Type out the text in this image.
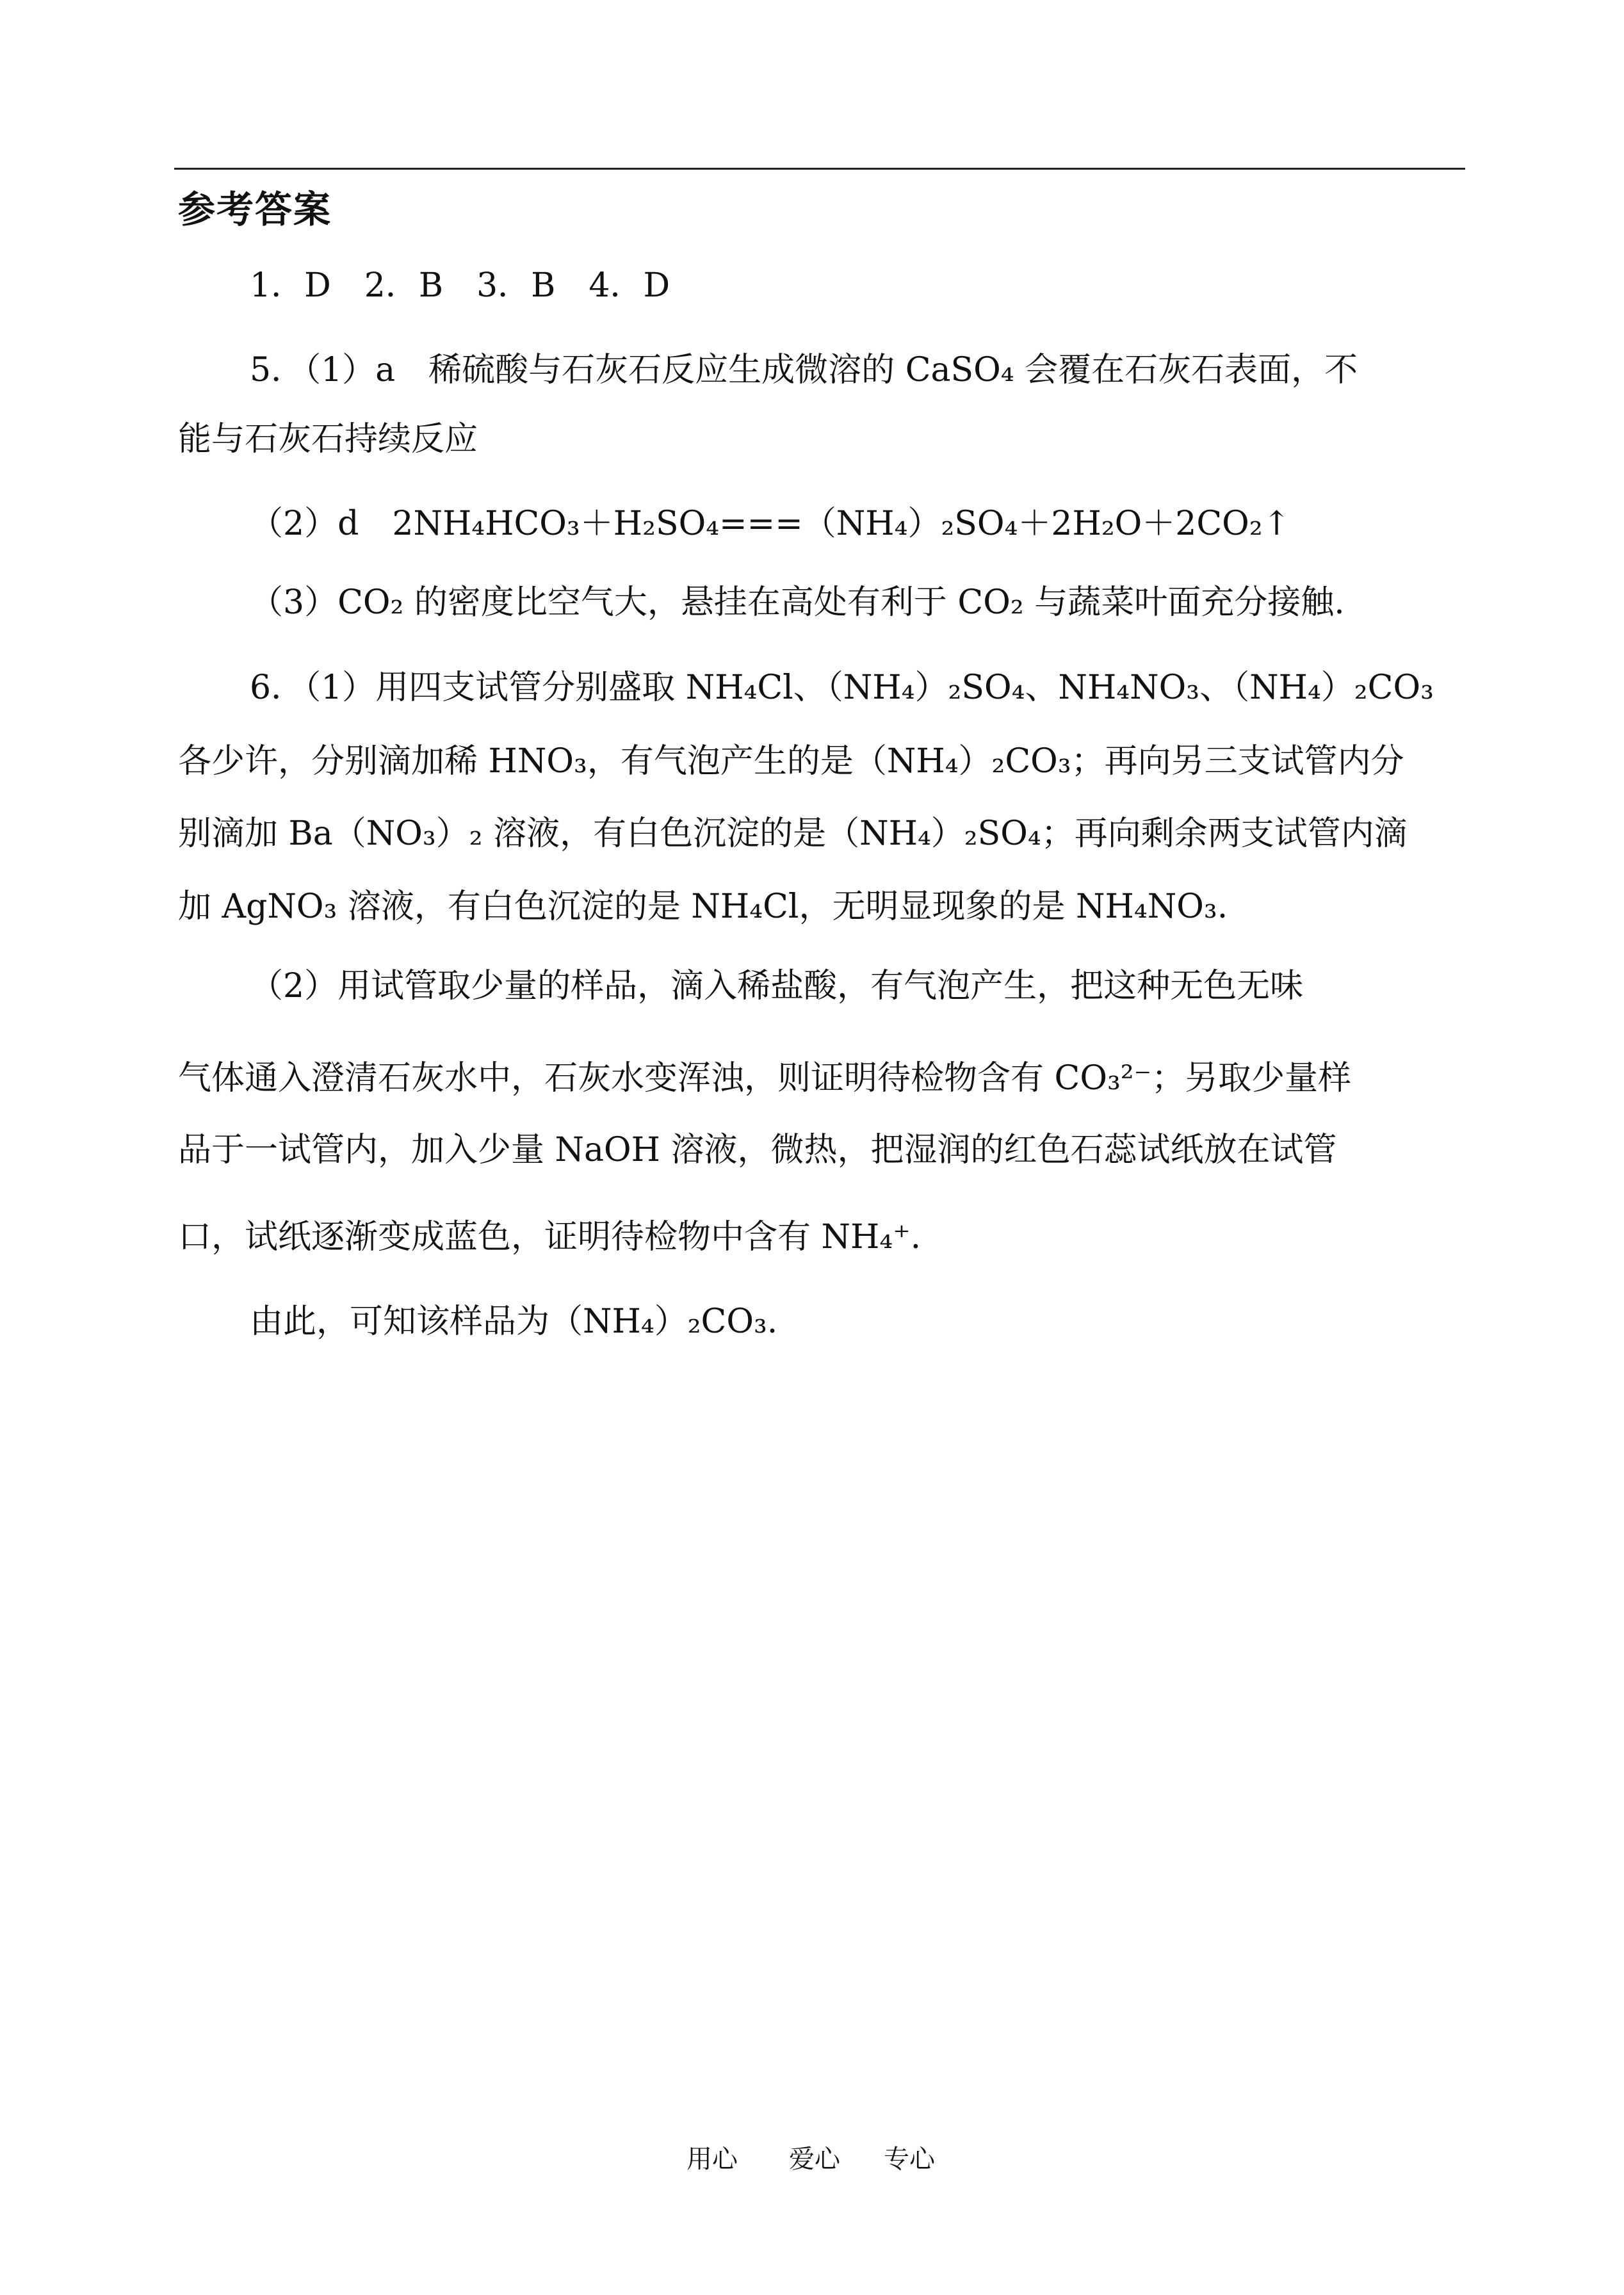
参考答案
1．D　2．B　3．B　4．D
5．（1）a　稀硫酸与石灰石反应生成微溶的 CaSO₄ 会覆在石灰石表面，不
能与石灰石持续反应
（2）d　2NH₄HCO₃＋H₂SO₄===（NH₄）₂SO₄＋2H₂O＋2CO₂↑
（3）CO₂ 的密度比空气大，悬挂在高处有利于 CO₂ 与蔬菜叶面充分接触.
6．（1）用四支试管分别盛取 NH₄Cl、（NH₄）₂SO₄、NH₄NO₃、（NH₄）₂CO₃
各少许，分别滴加稀 HNO₃，有气泡产生的是（NH₄）₂CO₃；再向另三支试管内分
别滴加 Ba（NO₃）₂ 溶液，有白色沉淀的是（NH₄）₂SO₄；再向剩余两支试管内滴
加 AgNO₃ 溶液，有白色沉淀的是 NH₄Cl，无明显现象的是 NH₄NO₃.
（2）用试管取少量的样品，滴入稀盐酸，有气泡产生，把这种无色无味
气体通入澄清石灰水中，石灰水变浑浊，则证明待检物含有 CO₃²⁻；另取少量样
品于一试管内，加入少量 NaOH 溶液，微热，把湿润的红色石蕊试纸放在试管
口，试纸逐渐变成蓝色，证明待检物中含有 NH₄⁺.
由此，可知该样品为（NH₄）₂CO₃.
用心 爱心 专心
